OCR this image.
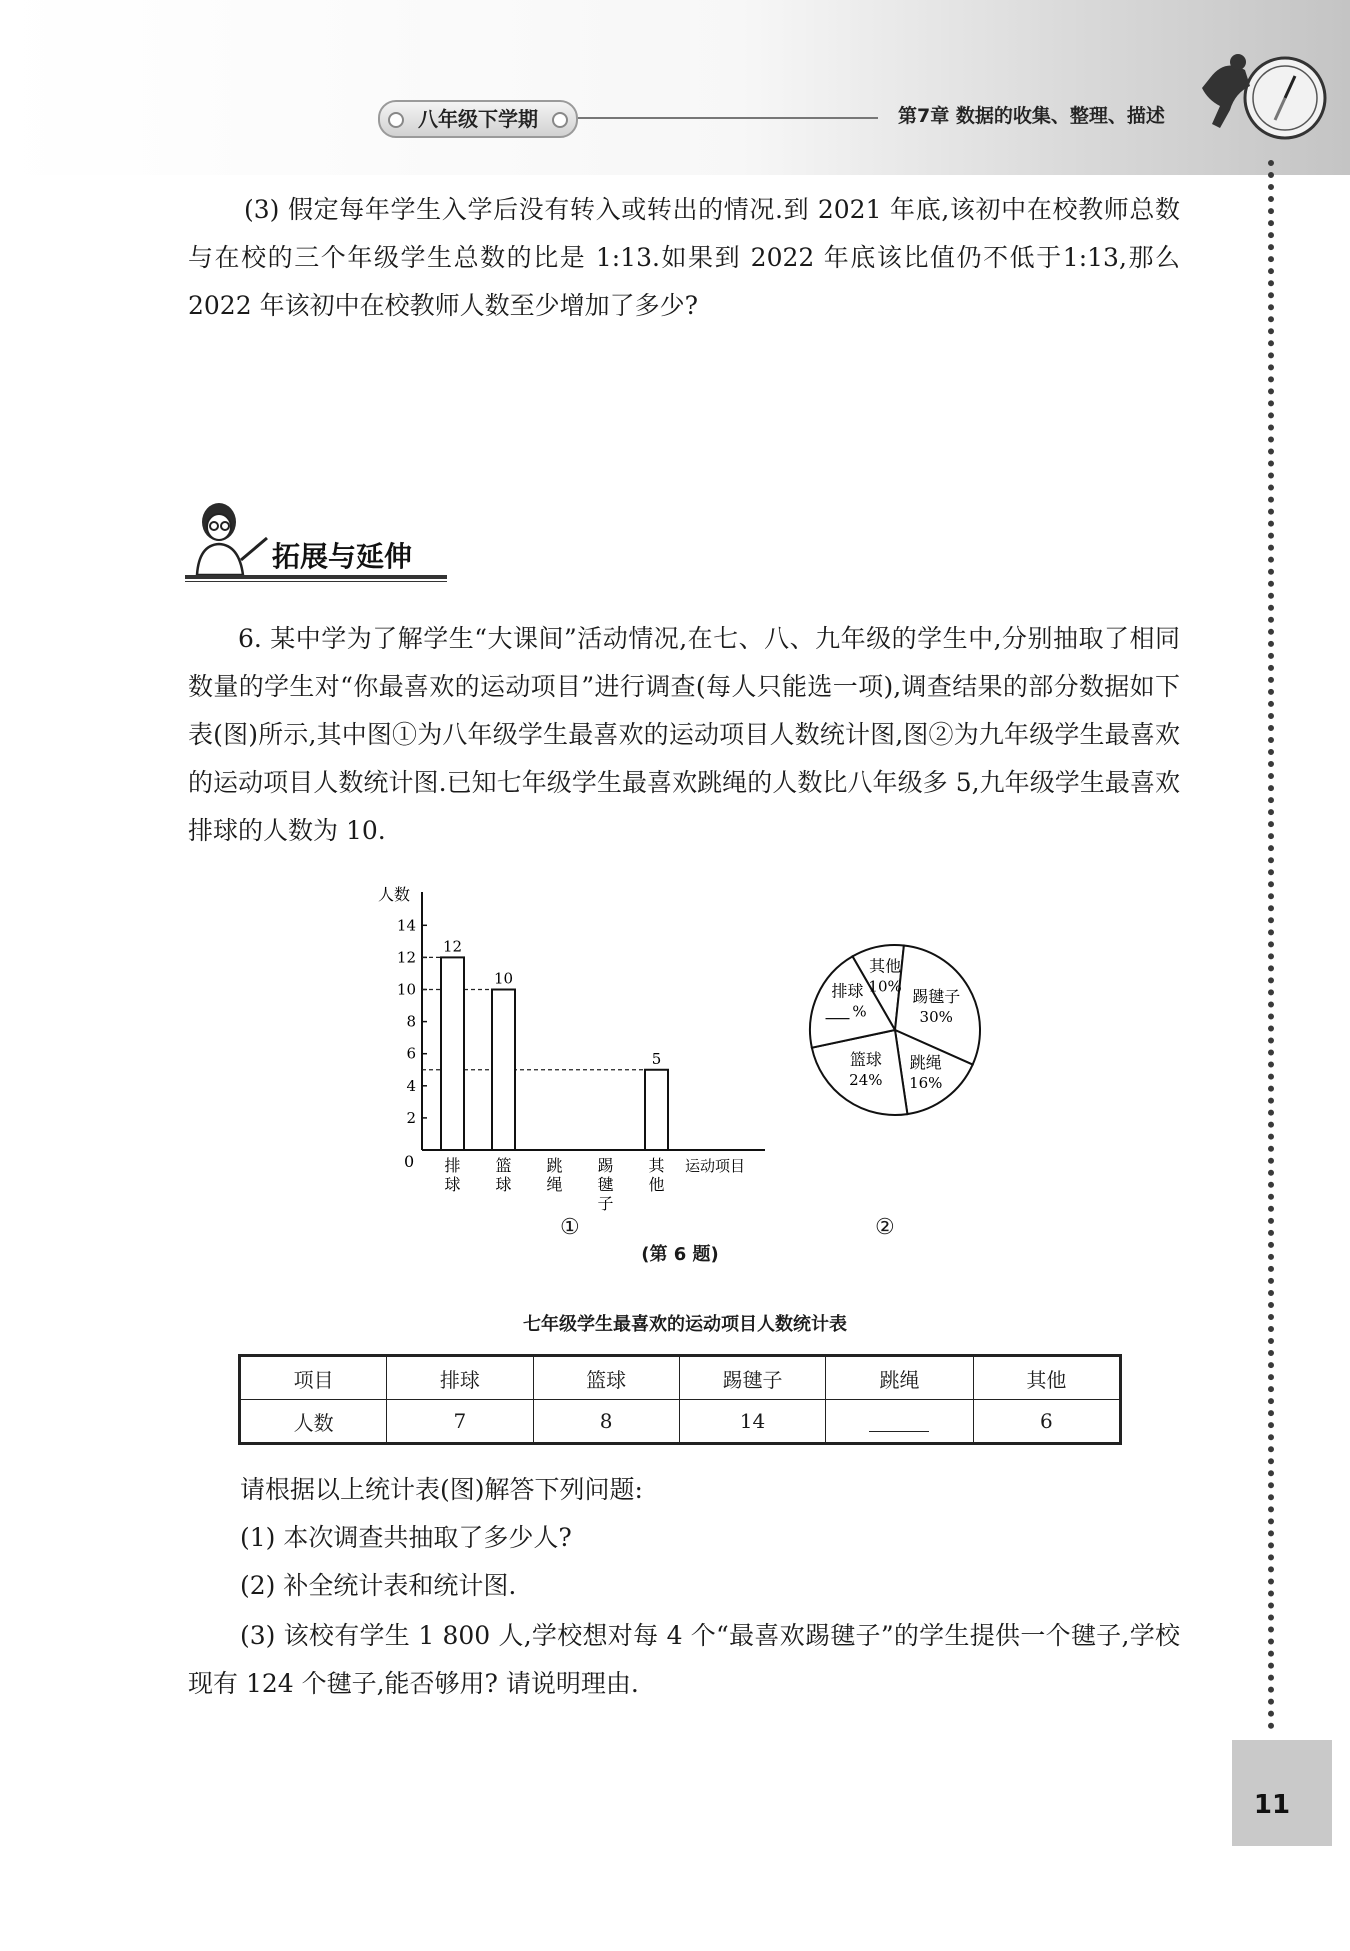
八年级下学期	第7章 数据的收集、整理、描述
11

(3) 假定每年学生入学后没有转入或转出的情况.到 2021 年底,该初中在校教师总数与在校的三个年级学生总数的比是 1:13.如果到 2022 年底该比值仍不低于1:13,那么 2022 年该初中在校教师人数至少增加了多少?

拓展与延伸

6. 某中学为了解学生“大课间”活动情况,在七、八、九年级的学生中,分别抽取了相同数量的学生对“你最喜欢的运动项目”进行调查(每人只能选一项),调查结果的部分数据如下表(图)所示,其中图①为八年级学生最喜欢的运动项目人数统计图,图②为九年级学生最喜欢的运动项目人数统计图.已知七年级学生最喜欢跳绳的人数比八年级多 5,九年级学生最喜欢排球的人数为 10.

人数
运动项目
0
2
4
6
8
10
12
14
12
10
5
排
球
篮
球
跳
绳
踢
毽
子
其
他
①
其他
10%
踢毽子
30%
跳绳
16%
篮球
24%
排球
%
②
(第 6 题)
七年级学生最喜欢的运动项目人数统计表
项目	排球	篮球	踢毽子	跳绳	其他
人数	7	8	14		6

请根据以上统计表(图)解答下列问题:

(1) 本次调查共抽取了多少人?

(2) 补全统计表和统计图.

(3) 该校有学生 1 800 人,学校想对每 4 个“最喜欢踢毽子”的学生提供一个毽子,学校现有 124 个毽子,能否够用? 请说明理由.
